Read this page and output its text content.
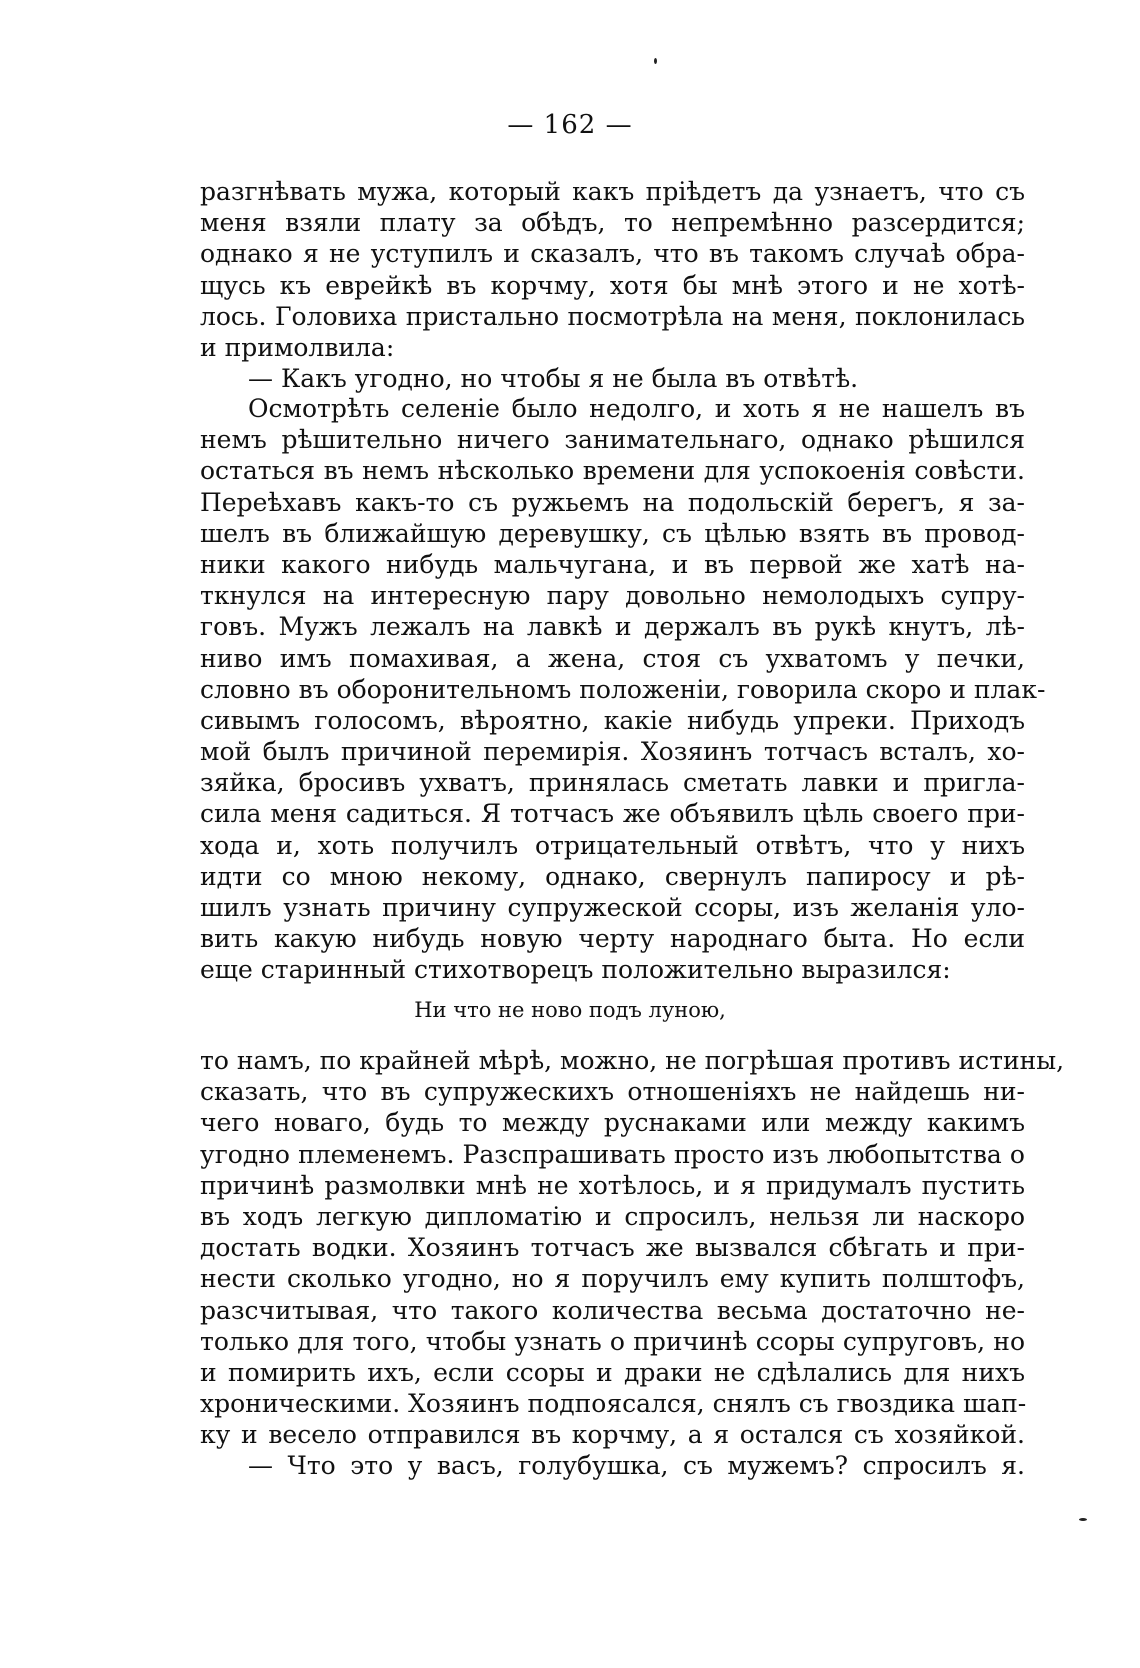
— 162 —
разгнѣвать мужа, который какъ пріѣдетъ да узнаетъ, что съ
меня взяли плату за обѣдъ, то непремѣнно разсердится;
однако я не уступилъ и сказалъ, что въ такомъ случаѣ обра-
щусь къ еврейкѣ въ корчму, хотя бы мнѣ этого и не хотѣ-
лось. Головиха пристально посмотрѣла на меня, поклонилась
и примолвила:
— Какъ угодно, но чтобы я не была въ отвѣтѣ.
Осмотрѣть селеніе было недолго, и хоть я не нашелъ въ
немъ рѣшительно ничего занимательнаго, однако рѣшился
остаться въ немъ нѣсколько времени для успокоенія совѣсти.
Переѣхавъ какъ-то съ ружьемъ на подольскій берегъ, я за-
шелъ въ ближайшую деревушку, съ цѣлью взять въ провод-
ники какого нибудь мальчугана, и въ первой же хатѣ на-
ткнулся на интересную пару довольно немолодыхъ супру-
говъ. Мужъ лежалъ на лавкѣ и держалъ въ рукѣ кнутъ, лѣ-
ниво имъ помахивая, а жена, стоя съ ухватомъ у печки,
словно въ оборонительномъ положеніи, говорила скоро и плак-
сивымъ голосомъ, вѣроятно, какіе нибудь упреки. Приходъ
мой былъ причиной перемирія. Хозяинъ тотчасъ всталъ, хо-
зяйка, бросивъ ухватъ, принялась сметать лавки и пригла-
сила меня садиться. Я тотчасъ же объявилъ цѣль своего при-
хода и, хоть получилъ отрицательный отвѣтъ, что у нихъ
идти со мною некому, однако, свернулъ папиросу и рѣ-
шилъ узнать причину супружеской ссоры, изъ желанія уло-
вить какую нибудь новую черту народнаго быта. Но если
еще старинный стихотворецъ положительно выразился:
Ни что не ново подъ луною,
то намъ, по крайней мѣрѣ, можно, не погрѣшая противъ истины,
сказать, что въ супружескихъ отношеніяхъ не найдешь ни-
чего новаго, будь то между руснаками или между какимъ
угодно племенемъ. Разспрашивать просто изъ любопытства о
причинѣ размолвки мнѣ не хотѣлось, и я придумалъ пустить
въ ходъ легкую дипломатію и спросилъ, нельзя ли наскоро
достать водки. Хозяинъ тотчасъ же вызвался сбѣгать и при-
нести сколько угодно, но я поручилъ ему купить полштофъ,
разсчитывая, что такого количества весьма достаточно не-
только для того, чтобы узнать о причинѣ ссоры супруговъ, но
и помирить ихъ, если ссоры и драки не сдѣлались для нихъ
хроническими. Хозяинъ подпоясался, снялъ съ гвоздика шап-
ку и весело отправился въ корчму, а я остался съ хозяйкой.
— Что это у васъ, голубушка, съ мужемъ? спросилъ я.
